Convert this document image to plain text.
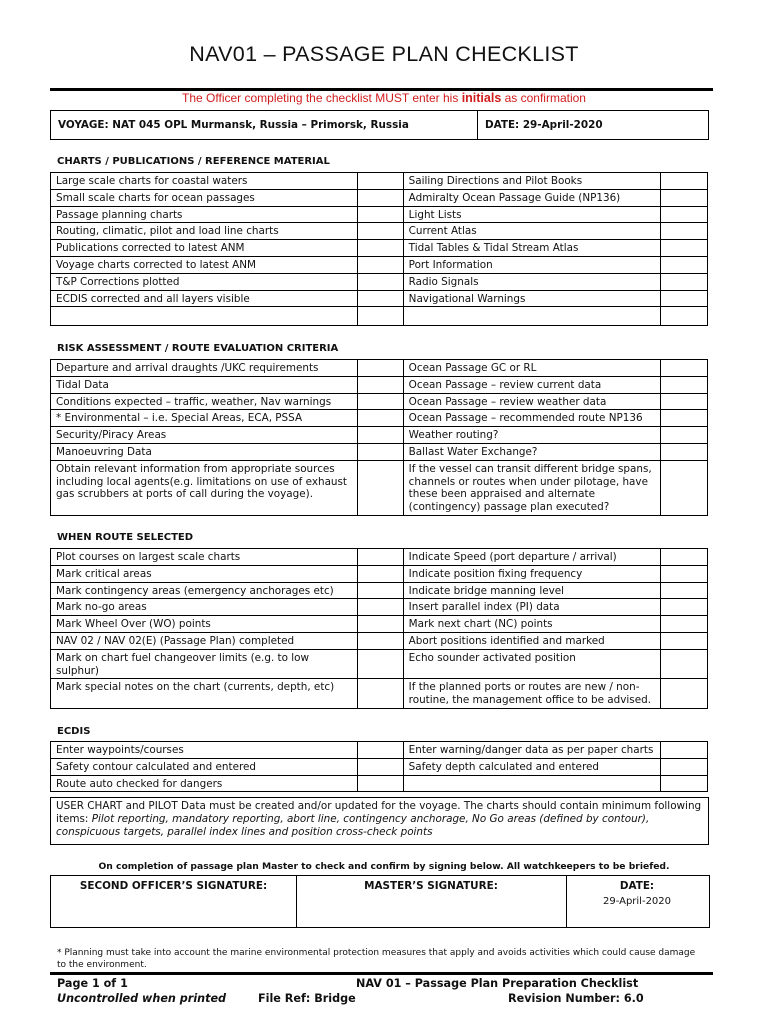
NAV01 – PASSAGE PLAN CHECKLIST
The Officer completing the checklist MUST enter his initials as confirmation
VOYAGE: NAT 045 OPL Murmansk, Russia – Primorsk, Russia	DATE: 29-April-2020
CHARTS / PUBLICATIONS / REFERENCE MATERIAL
Large scale charts for coastal waters		Sailing Directions and Pilot Books	
Small scale charts for ocean passages		Admiralty Ocean Passage Guide (NP136)	
Passage planning charts		Light Lists	
Routing, climatic, pilot and load line charts		Current Atlas	
Publications corrected to latest ANM		Tidal Tables & Tidal Stream Atlas	
Voyage charts corrected to latest ANM		Port Information	
T&P Corrections plotted		Radio Signals	
ECDIS corrected and all layers visible		Navigational Warnings	

RISK ASSESSMENT / ROUTE EVALUATION CRITERIA
Departure and arrival draughts /UKC requirements		Ocean Passage GC or RL	
Tidal Data		Ocean Passage – review current data	
Conditions expected – traffic, weather, Nav warnings		Ocean Passage – review weather data	
* Environmental – i.e. Special Areas, ECA, PSSA		Ocean Passage – recommended route NP136	
Security/Piracy Areas		Weather routing?	
Manoeuvring Data		Ballast Water Exchange?	
Obtain relevant information from appropriate sources including local agents(e.g. limitations on use of exhaust gas scrubbers at ports of call during the voyage).		If the vessel can transit different bridge spans, channels or routes when under pilotage, have these been appraised and alternate (contingency) passage plan executed?	
WHEN ROUTE SELECTED
Plot courses on largest scale charts		Indicate Speed (port departure / arrival)	
Mark critical areas		Indicate position fixing frequency	
Mark contingency areas (emergency anchorages etc)		Indicate bridge manning level	
Mark no-go areas		Insert parallel index (PI) data	
Mark Wheel Over (WO) points		Mark next chart (NC) points	
NAV 02 / NAV 02(E) (Passage Plan) completed		Abort positions identified and marked	
Mark on chart fuel changeover limits (e.g. to low sulphur)		Echo sounder activated position	
Mark special notes on the chart (currents, depth, etc)		If the planned ports or routes are new / non-routine, the management office to be advised.	
ECDIS
Enter waypoints/courses		Enter warning/danger data as per paper charts	
Safety contour calculated and entered		Safety depth calculated and entered	
Route auto checked for dangers			
USER CHART and PILOT Data must be created and/or updated for the voyage. The charts should contain minimum following items: Pilot reporting, mandatory reporting, abort line, contingency anchorage, No Go areas (defined by contour), conspicuous targets, parallel index lines and position cross-check points
On completion of passage plan Master to check and confirm by signing below. All watchkeepers to be briefed.
SECOND OFFICER’S SIGNATURE:	MASTER’S SIGNATURE:	DATE:
29-April-2020
* Planning must take into account the marine environmental protection measures that apply and avoids activities which could cause damage to the environment.
Page 1 of 1	NAV 01 – Passage Plan Preparation Checklist
Uncontrolled when printed	File Ref: Bridge	Revision Number: 6.0
